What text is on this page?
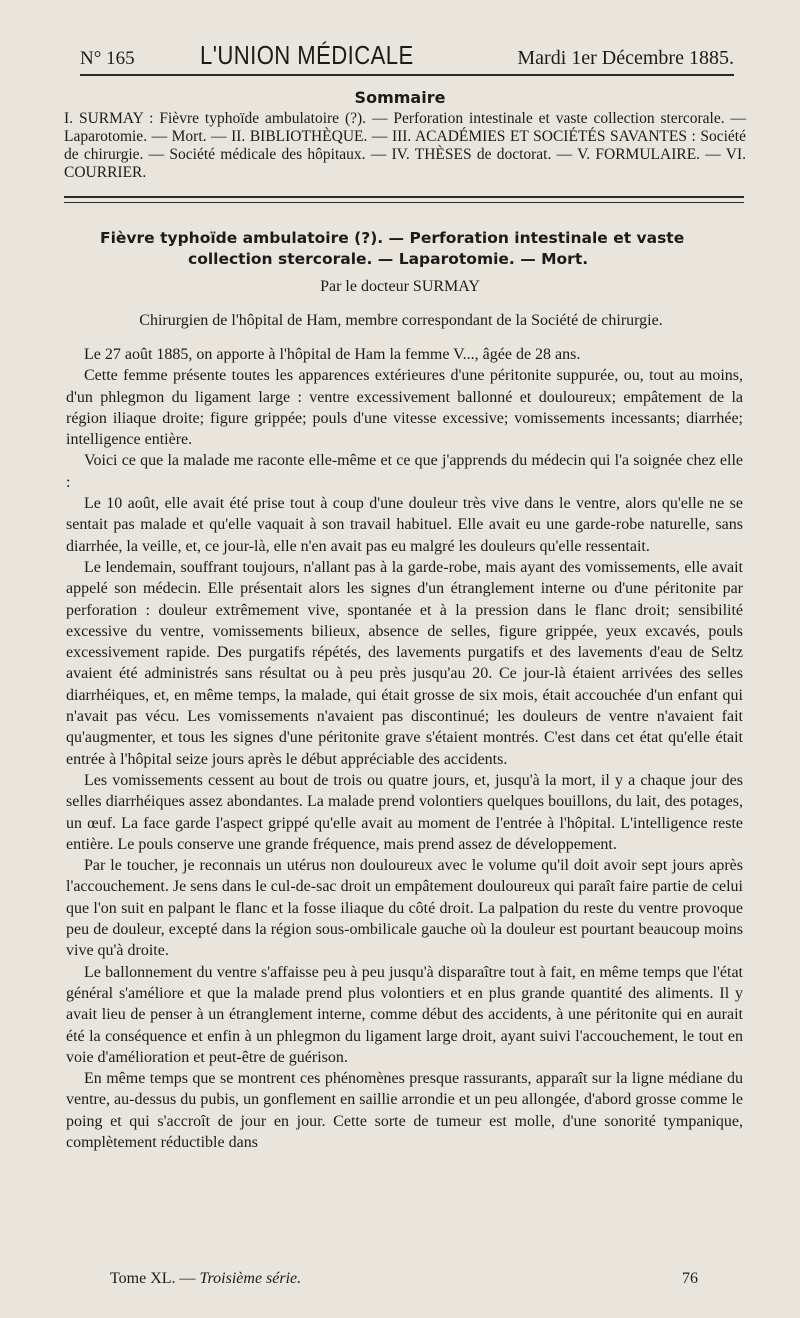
N° 165	L'UNION MÉDICALE	Mardi 1er Décembre 1885.
Sommaire
I. SURMAY : Fièvre typhoïde ambulatoire (?). — Perforation intestinale et vaste collection stercorale. — Laparotomie. — Mort. — II. BIBLIOTHÈQUE. — III. ACADÉMIES ET SOCIÉTÉS SAVANTES : Société de chirurgie. — Société médicale des hôpitaux. — IV. THÈSES de doctorat. — V. FORMULAIRE. — VI. COURRIER.
Fièvre typhoïde ambulatoire (?). — Perforation intestinale et vaste
collection stercorale. — Laparotomie. — Mort.
Par le docteur SURMAY
Chirurgien de l'hôpital de Ham, membre correspondant de la Société de chirurgie.

Le 27 août 1885, on apporte à l'hôpital de Ham la femme V..., âgée de 28 ans.

Cette femme présente toutes les apparences extérieures d'une péritonite suppurée, ou, tout au moins, d'un phlegmon du ligament large : ventre excessivement ballonné et douloureux; empâtement de la région iliaque droite; figure grippée; pouls d'une vitesse excessive; vomissements incessants; diarrhée; intelligence entière.

Voici ce que la malade me raconte elle-même et ce que j'apprends du médecin qui l'a soignée chez elle :

Le 10 août, elle avait été prise tout à coup d'une douleur très vive dans le ventre, alors qu'elle ne se sentait pas malade et qu'elle vaquait à son travail habituel. Elle avait eu une garde-robe naturelle, sans diarrhée, la veille, et, ce jour-là, elle n'en avait pas eu malgré les douleurs qu'elle ressentait.

Le lendemain, souffrant toujours, n'allant pas à la garde-robe, mais ayant des vomissements, elle avait appelé son médecin. Elle présentait alors les signes d'un étranglement interne ou d'une péritonite par perforation : douleur extrêmement vive, spontanée et à la pression dans le flanc droit; sensibilité excessive du ventre, vomissements bilieux, absence de selles, figure grippée, yeux excavés, pouls excessivement rapide. Des purgatifs répétés, des lavements purgatifs et des lavements d'eau de Seltz avaient été administrés sans résultat ou à peu près jusqu'au 20. Ce jour-là étaient arrivées des selles diarrhéiques, et, en même temps, la malade, qui était grosse de six mois, était accouchée d'un enfant qui n'avait pas vécu. Les vomissements n'avaient pas discontinué; les douleurs de ventre n'avaient fait qu'augmenter, et tous les signes d'une péritonite grave s'étaient montrés. C'est dans cet état qu'elle était entrée à l'hôpital seize jours après le début appréciable des accidents.

Les vomissements cessent au bout de trois ou quatre jours, et, jusqu'à la mort, il y a chaque jour des selles diarrhéiques assez abondantes. La malade prend volontiers quelques bouillons, du lait, des potages, un œuf. La face garde l'aspect grippé qu'elle avait au moment de l'entrée à l'hôpital. L'intelligence reste entière. Le pouls conserve une grande fréquence, mais prend assez de développement.

Par le toucher, je reconnais un utérus non douloureux avec le volume qu'il doit avoir sept jours après l'accouchement. Je sens dans le cul-de-sac droit un empâtement douloureux qui paraît faire partie de celui que l'on suit en palpant le flanc et la fosse iliaque du côté droit. La palpation du reste du ventre provoque peu de douleur, excepté dans la région sous-ombilicale gauche où la douleur est pourtant beaucoup moins vive qu'à droite.

Le ballonnement du ventre s'affaisse peu à peu jusqu'à disparaître tout à fait, en même temps que l'état général s'améliore et que la malade prend plus volontiers et en plus grande quantité des aliments. Il y avait lieu de penser à un étranglement interne, comme début des accidents, à une péritonite qui en aurait été la conséquence et enfin à un phlegmon du ligament large droit, ayant suivi l'accouchement, le tout en voie d'amélioration et peut-être de guérison.

En même temps que se montrent ces phénomènes presque rassurants, apparaît sur la ligne médiane du ventre, au-dessus du pubis, un gonflement en saillie arrondie et un peu allongée, d'abord grosse comme le poing et qui s'accroît de jour en jour. Cette sorte de tumeur est molle, d'une sonorité tympanique, complètement réductible dans

Tome XL. — Troisième série.	76
